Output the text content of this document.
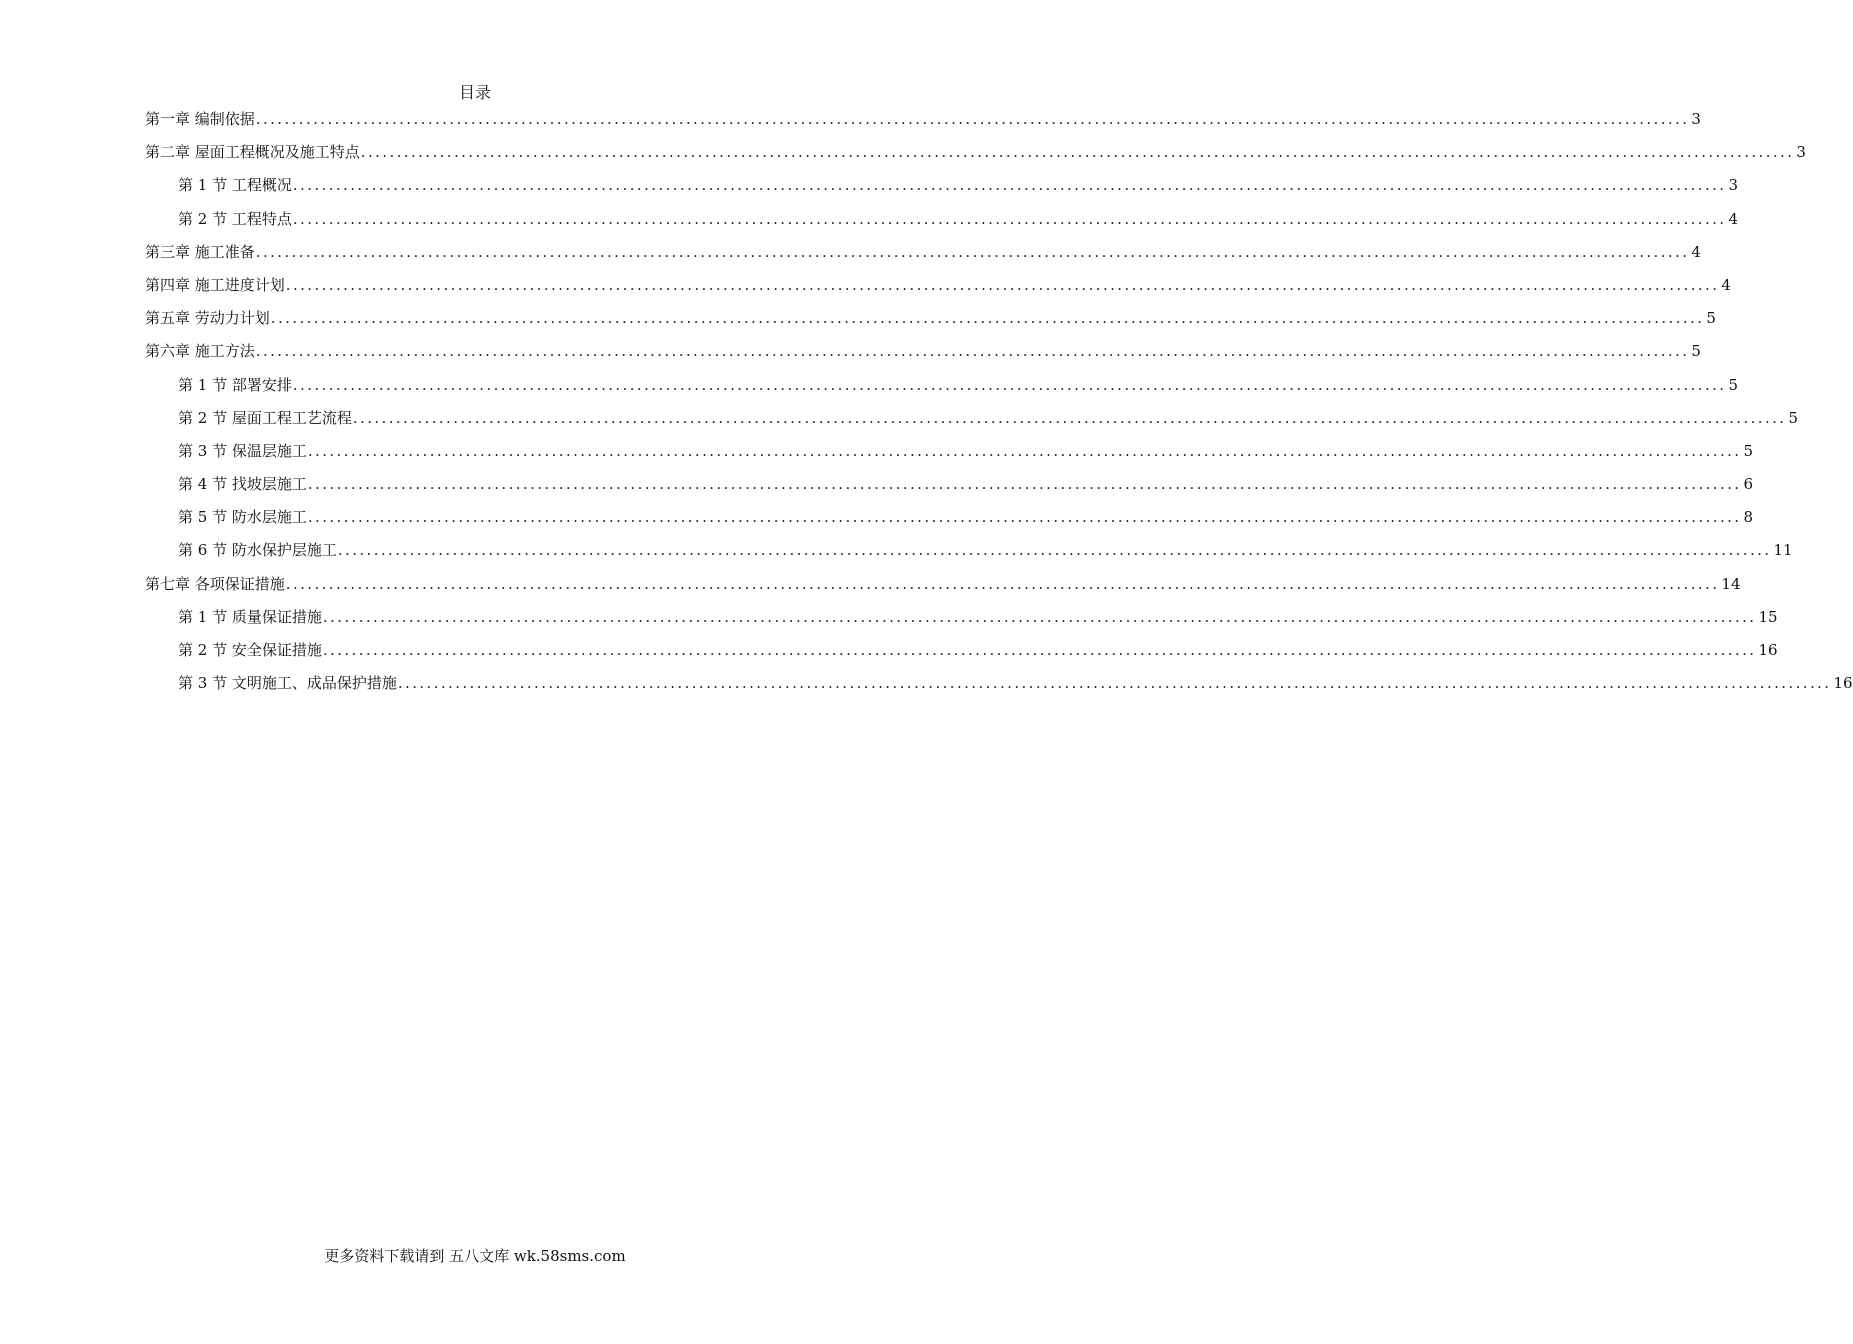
目录
第一章 编制依据 ........................................................................................................................................................................................................ 3
第二章 屋面工程概况及施工特点 ........................................................................................................................................................................................................ 3
第 1 节 工程概况 ........................................................................................................................................................................................................ 3
第 2 节 工程特点 ........................................................................................................................................................................................................ 4
第三章 施工准备 ........................................................................................................................................................................................................ 4
第四章 施工进度计划 ........................................................................................................................................................................................................ 4
第五章 劳动力计划 ........................................................................................................................................................................................................ 5
第六章 施工方法 ........................................................................................................................................................................................................ 5
第 1 节 部署安排 ........................................................................................................................................................................................................ 5
第 2 节 屋面工程工艺流程 ........................................................................................................................................................................................................ 5
第 3 节 保温层施工 ........................................................................................................................................................................................................ 5
第 4 节 找坡层施工 ........................................................................................................................................................................................................ 6
第 5 节 防水层施工 ........................................................................................................................................................................................................ 8
第 6 节 防水保护层施工 ........................................................................................................................................................................................................ 11
第七章 各项保证措施 ........................................................................................................................................................................................................ 14
第 1 节 质量保证措施 ........................................................................................................................................................................................................ 15
第 2 节 安全保证措施 ........................................................................................................................................................................................................ 16
第 3 节 文明施工、成品保护措施 ........................................................................................................................................................................................................ 16
更多资料下载请到 五八文库 wk.58sms.com
